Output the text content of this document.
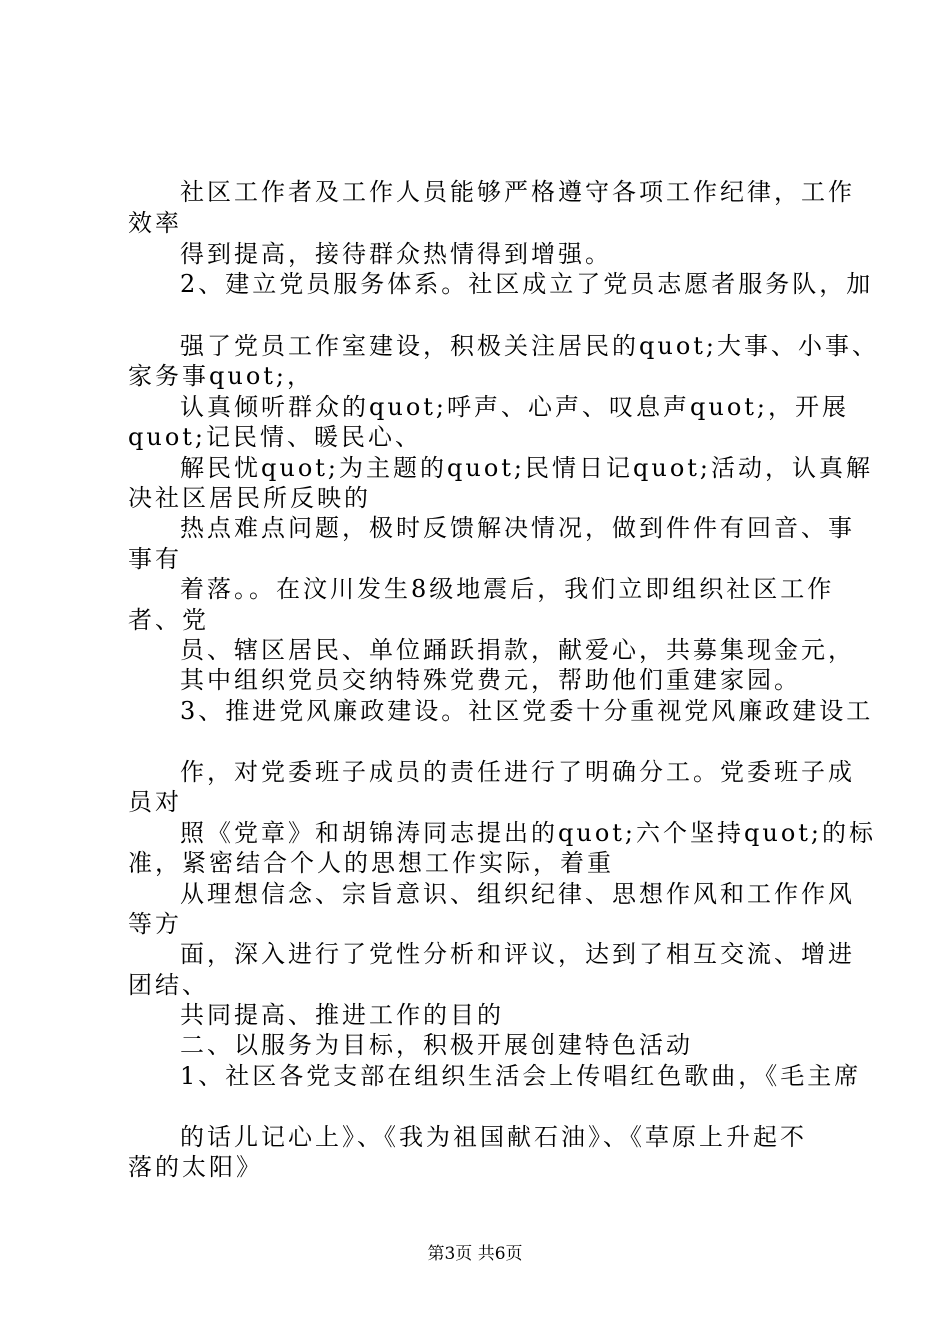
社区工作者及工作人员能够严格遵守各项工作纪律，工作
效率
得到提高，接待群众热情得到增强。
2、建立党员服务体系。社区成立了党员志愿者服务队，加
强了党员工作室建设，积极关注居民的quot;大事、小事、
家务事quot;，
认真倾听群众的quot;呼声、心声、叹息声quot;，开展
quot;记民情、暖民心、
解民忧quot;为主题的quot;民情日记quot;活动，认真解
决社区居民所反映的
热点难点问题，极时反馈解决情况，做到件件有回音、事
事有
着落。。在汶川发生8级地震后，我们立即组织社区工作
者、党
员、辖区居民、单位踊跃捐款，献爱心，共募集现金元，
其中组织党员交纳特殊党费元，帮助他们重建家园。
3、推进党风廉政建设。社区党委十分重视党风廉政建设工
作，对党委班子成员的责任进行了明确分工。党委班子成
员对
照《党章》和胡锦涛同志提出的quot;六个坚持quot;的标
准，紧密结合个人的思想工作实际，着重
从理想信念、宗旨意识、组织纪律、思想作风和工作作风
等方
面，深入进行了党性分析和评议，达到了相互交流、增进
团结、
共同提高、推进工作的目的
二、以服务为目标，积极开展创建特色活动
1、社区各党支部在组织生活会上传唱红色歌曲，《毛主席
的话儿记心上》、《我为祖国献石油》、《草原上升起不
落的太阳》
第3页 共6页
